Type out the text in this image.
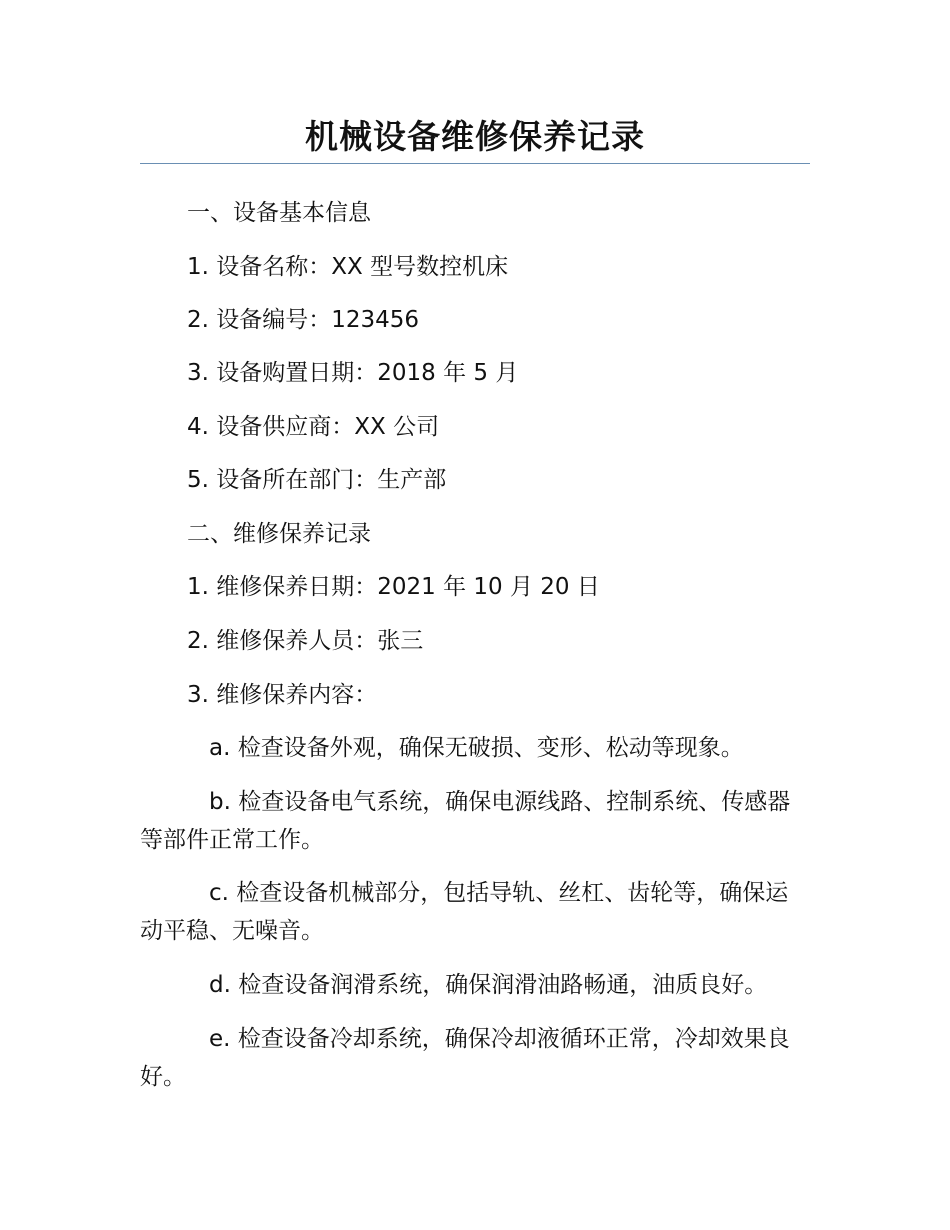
机械设备维修保养记录
一、设备基本信息
1. 设备名称：XX 型号数控机床
2. 设备编号：123456
3. 设备购置日期：2018 年 5 月
4. 设备供应商：XX 公司
5. 设备所在部门：生产部
二、维修保养记录
1. 维修保养日期：2021 年 10 月 20 日
2. 维修保养人员：张三
3. 维修保养内容：
a. 检查设备外观，确保无破损、变形、松动等现象。
b. 检查设备电气系统，确保电源线路、控制系统、传感器等部件正常工作。
c. 检查设备机械部分，包括导轨、丝杠、齿轮等，确保运动平稳、无噪音。
d. 检查设备润滑系统，确保润滑油路畅通，油质良好。
e. 检查设备冷却系统，确保冷却液循环正常，冷却效果良好。
